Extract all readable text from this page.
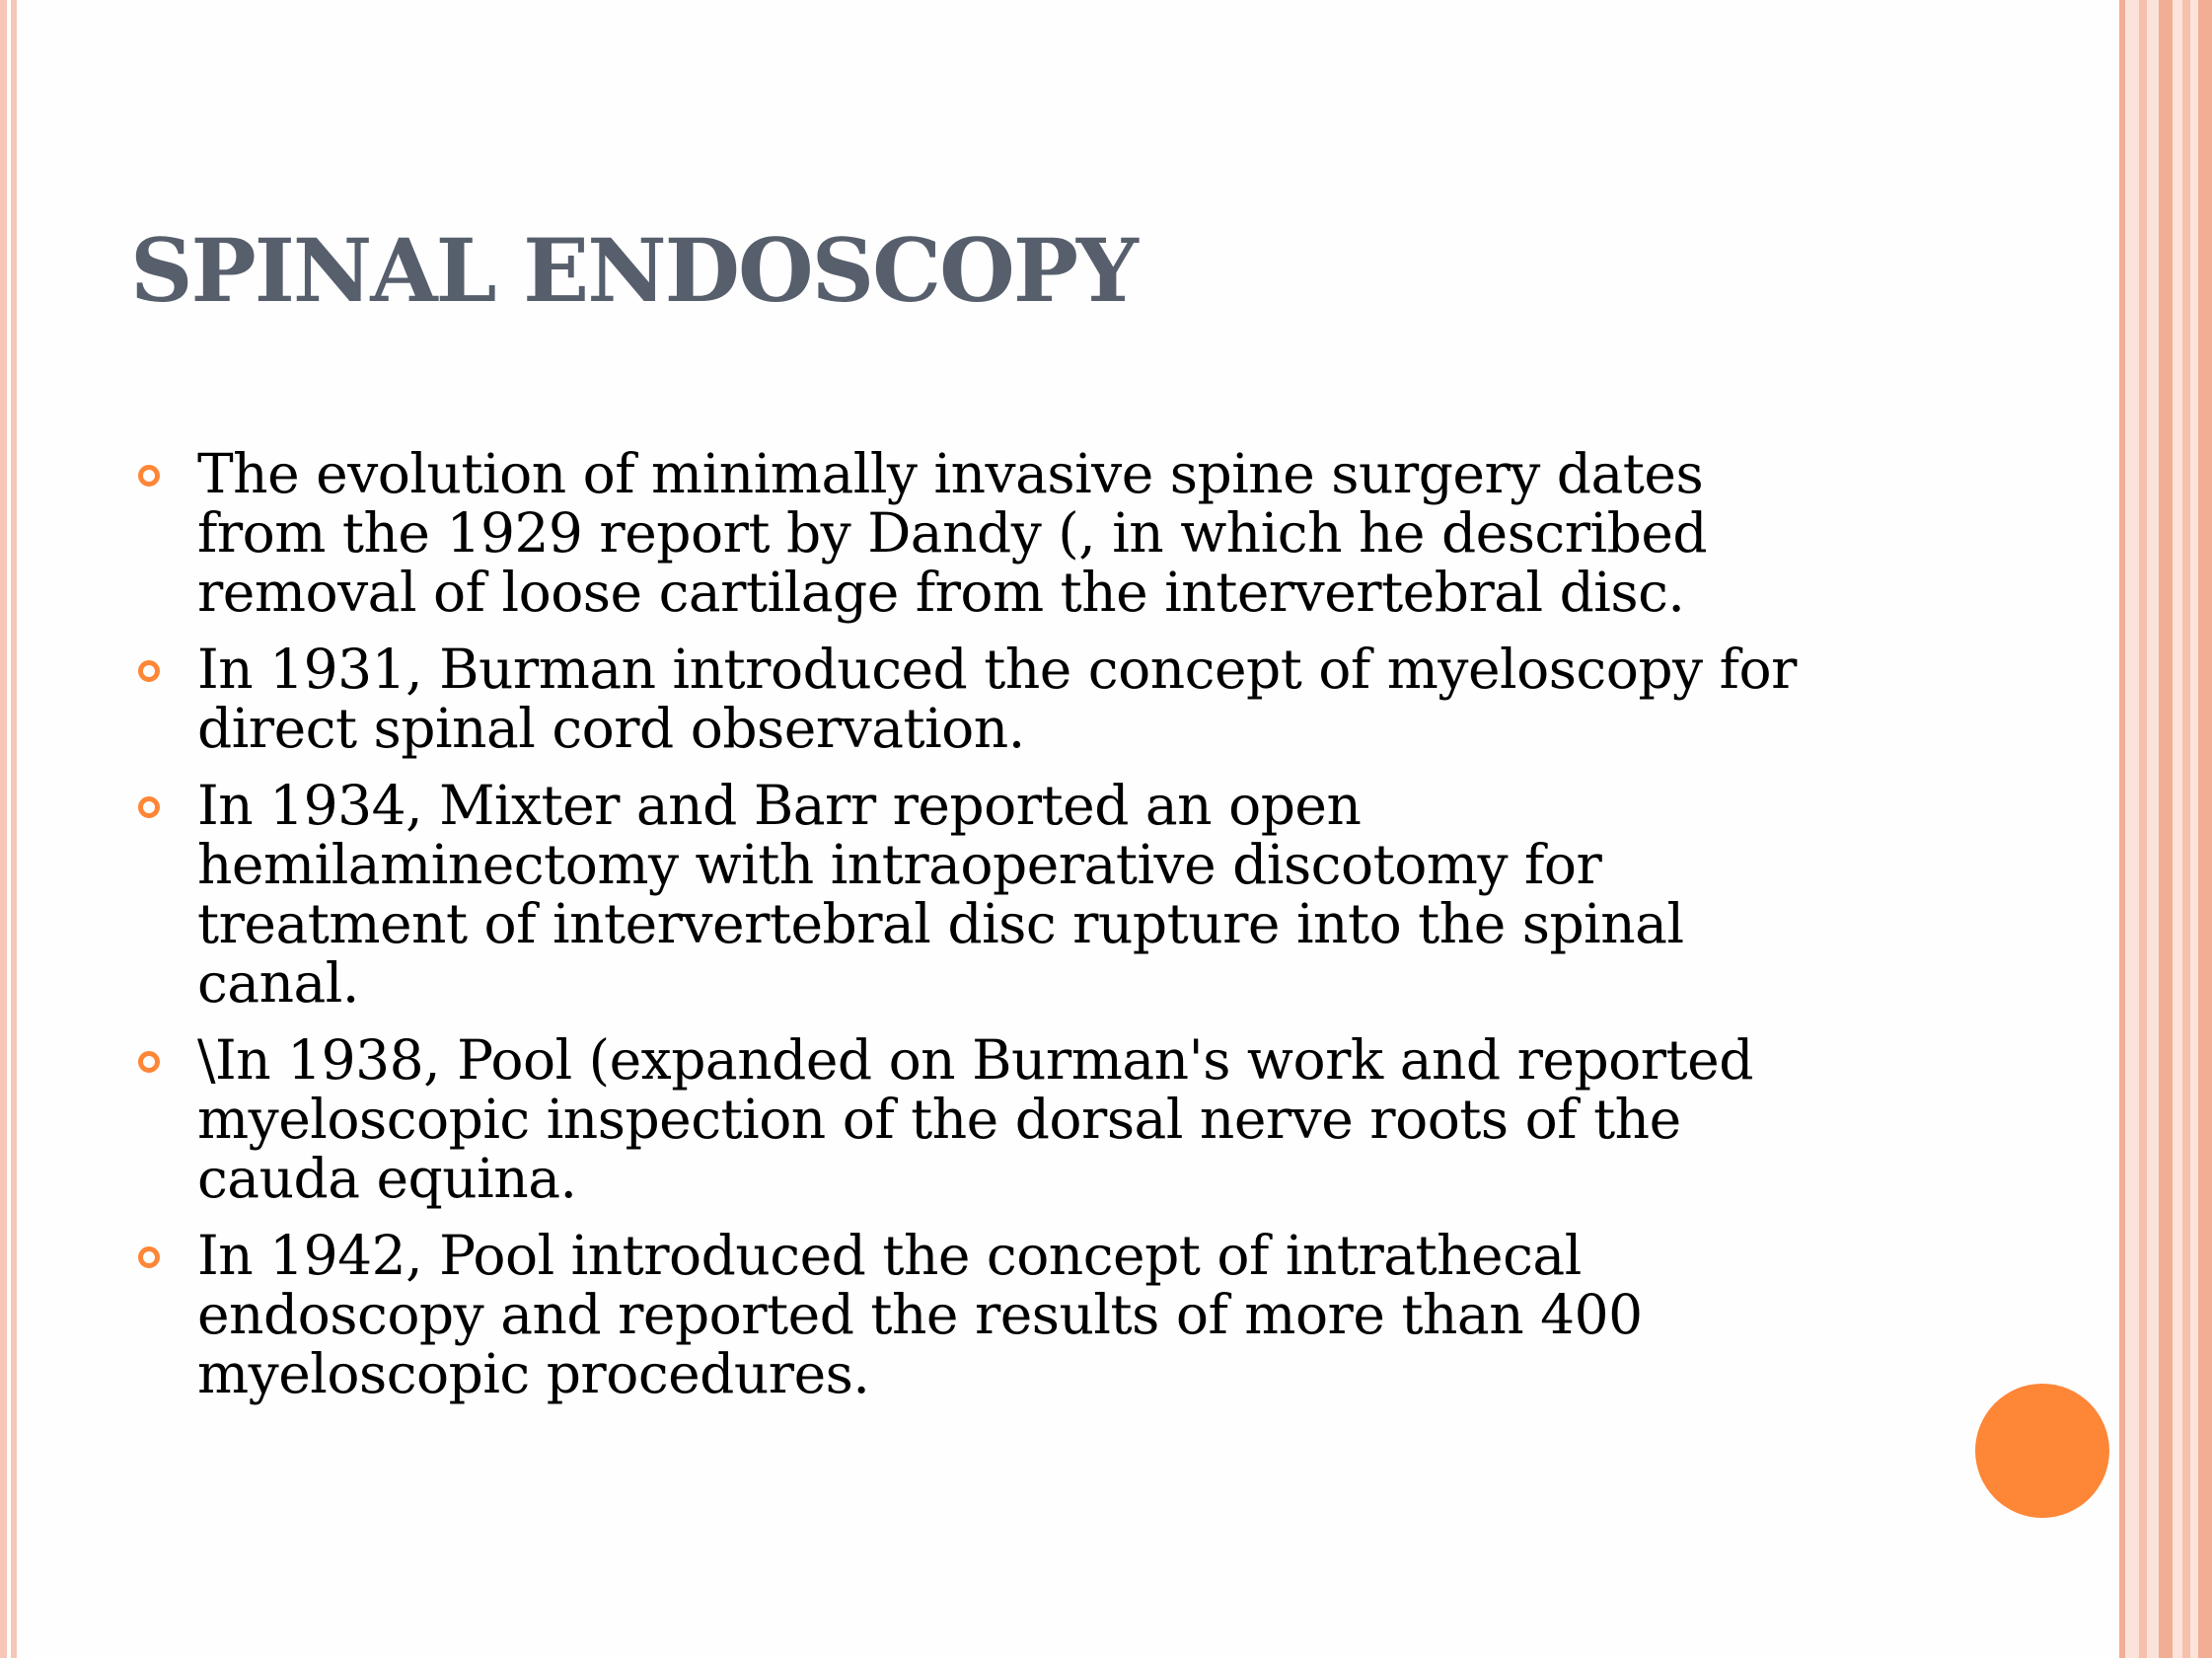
SPINAL ENDOSCOPY
The evolution of minimally invasive spine surgery dates
from the 1929 report by Dandy (, in which he described
removal of loose cartilage from the intervertebral disc.
In 1931, Burman introduced the concept of myeloscopy for
direct spinal cord observation.
In 1934, Mixter and Barr reported an open
hemilaminectomy with intraoperative discotomy for
treatment of intervertebral disc rupture into the spinal
canal.
\In 1938, Pool (expanded on Burman's work and reported
myeloscopic inspection of the dorsal nerve roots of the
cauda equina.
In 1942, Pool introduced the concept of intrathecal
endoscopy and reported the results of more than 400
myeloscopic procedures.
